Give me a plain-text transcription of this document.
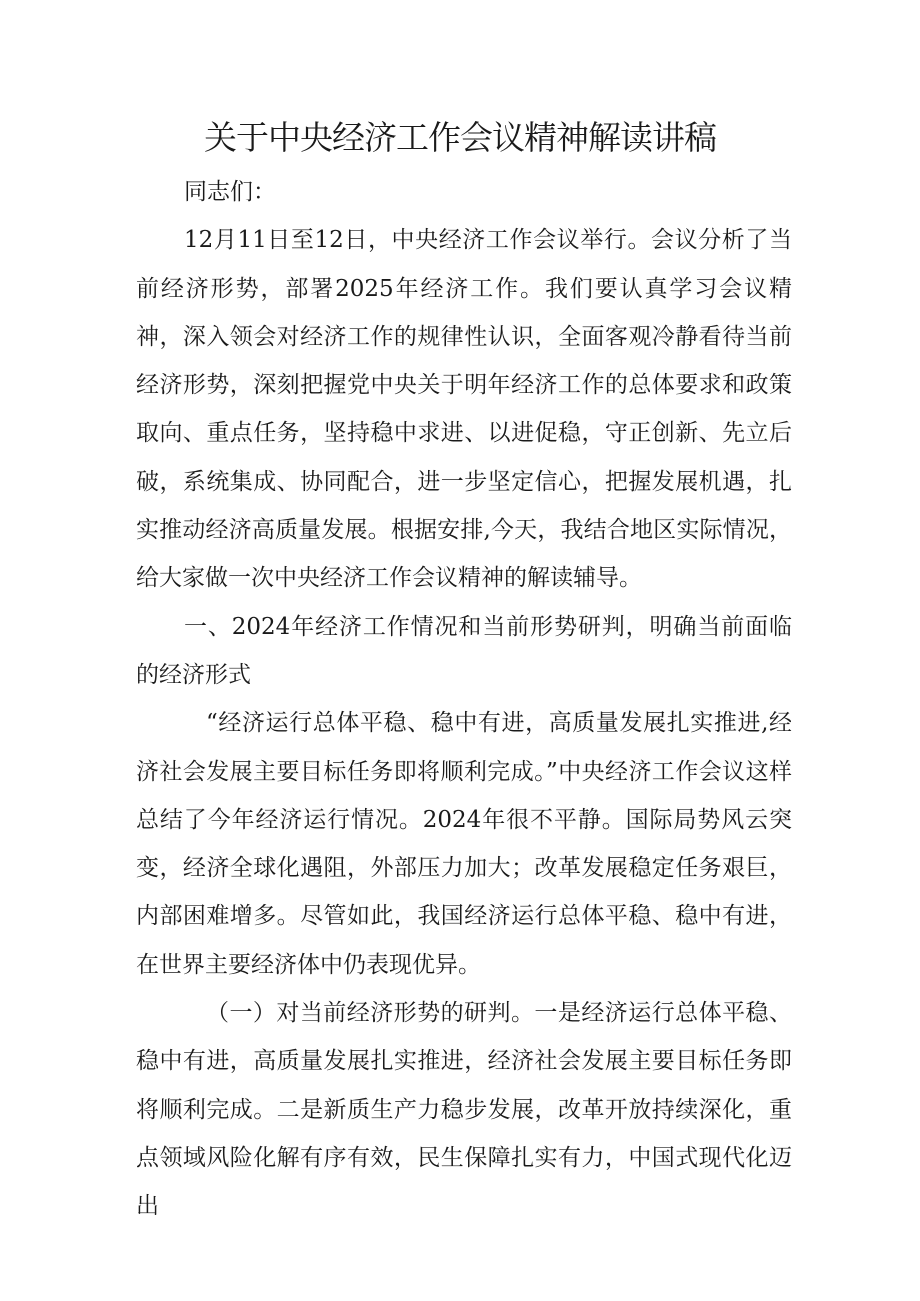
关于中央经济工作会议精神解读讲稿

同志们：

12月11日至12日，中央经济工作会议举行。会议分析了当前经济形势，部署2025年经济工作。我们要认真学习会议精神，深入领会对经济工作的规律性认识，全面客观冷静看待当前经济形势，深刻把握党中央关于明年经济工作的总体要求和政策取向、重点任务，坚持稳中求进、以进促稳，守正创新、先立后破，系统集成、协同配合，进一步坚定信心，把握发展机遇，扎实推动经济高质量发展。根据安排,今天，我结合地区实际情况，给大家做一次中央经济工作会议精神的解读辅导。

一、2024年经济工作情况和当前形势研判，明确当前面临的经济形式

“经济运行总体平稳、稳中有进，高质量发展扎实推进,经济社会发展主要目标任务即将顺利完成。”中央经济工作会议这样总结了今年经济运行情况。2024年很不平静。国际局势风云突变，经济全球化遇阻，外部压力加大；改革发展稳定任务艰巨，内部困难增多。尽管如此，我国经济运行总体平稳、稳中有进，在世界主要经济体中仍表现优异。

（一）对当前经济形势的研判。一是经济运行总体平稳、稳中有进，高质量发展扎实推进，经济社会发展主要目标任务即将顺利完成。二是新质生产力稳步发展，改革开放持续深化，重点领域风险化解有序有效，民生保障扎实有力，中国式现代化迈出
